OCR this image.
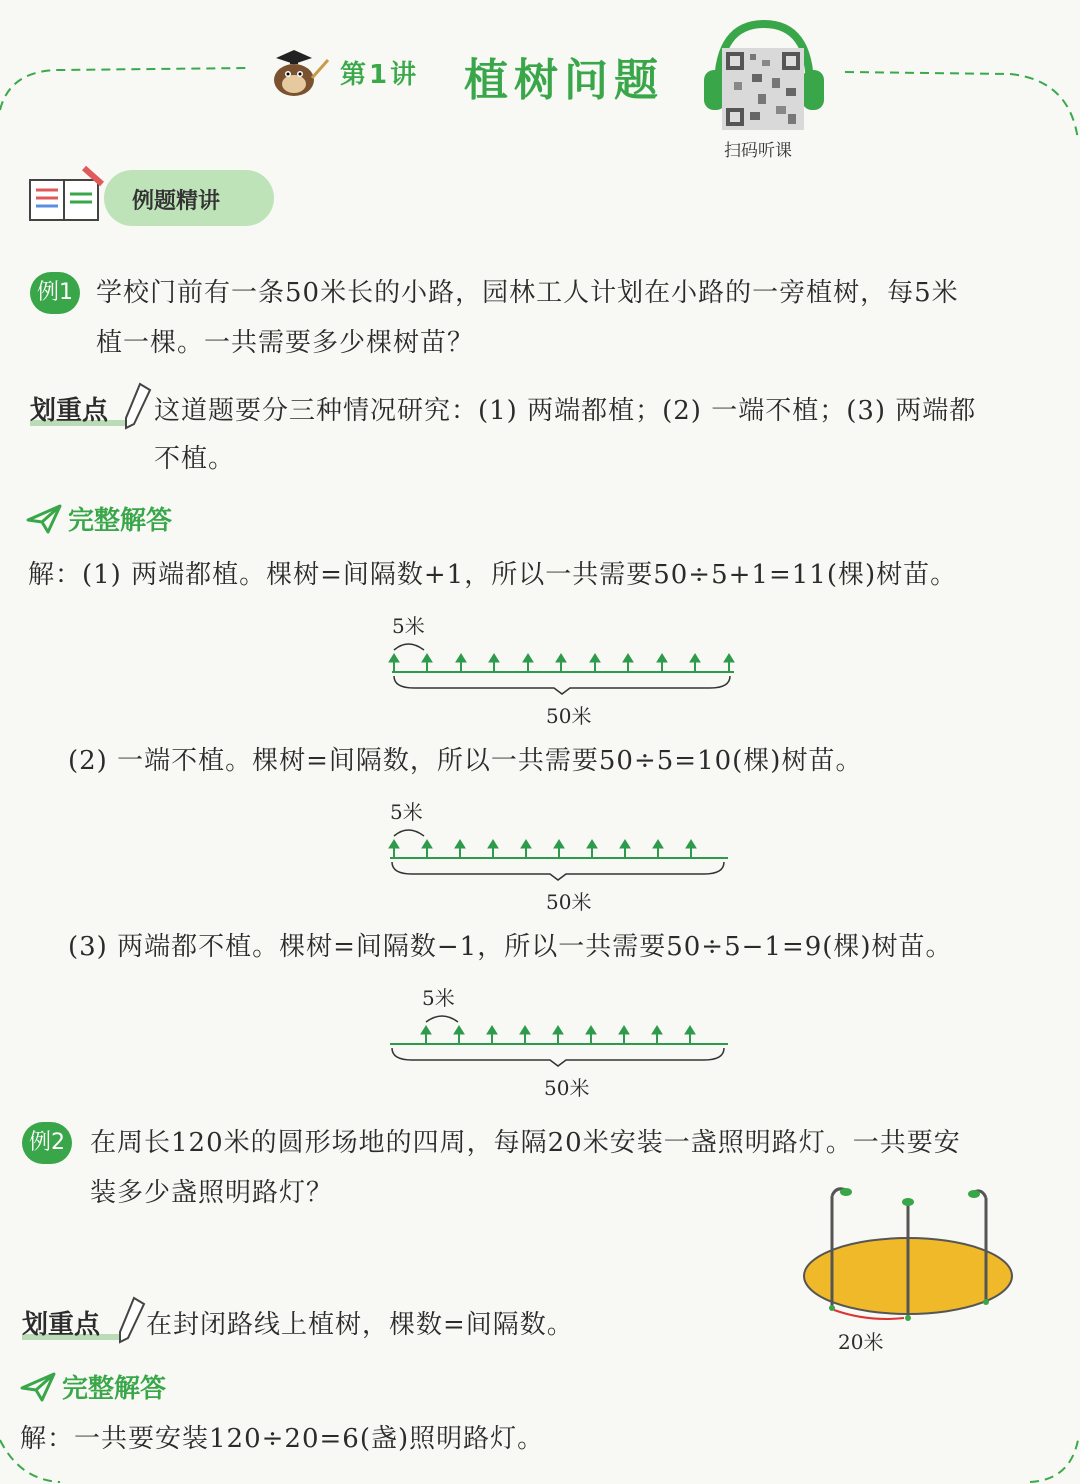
第1讲 植树问题
扫码听课
例题精讲
例1 学校门前有一条50米长的小路，园林工人计划在小路的一旁植树，每5米
植一棵。一共需要多少棵树苗？
划重点 这道题要分三种情况研究：(1) 两端都植；(2) 一端不植；(3) 两端都
不植。
完整解答
解：(1) 两端都植。棵树=间隔数+1，所以一共需要50÷5+1=11(棵)树苗。
5米
50米
(2) 一端不植。棵树=间隔数，所以一共需要50÷5=10(棵)树苗。
5米
50米
(3) 两端都不植。棵树=间隔数−1，所以一共需要50÷5−1=9(棵)树苗。
5米
50米
例2 在周长120米的圆形场地的四周，每隔20米安装一盏照明路灯。一共要安
装多少盏照明路灯？
20米
划重点 在封闭路线上植树，棵数=间隔数。
完整解答
解：一共要安装120÷20=6(盏)照明路灯。
